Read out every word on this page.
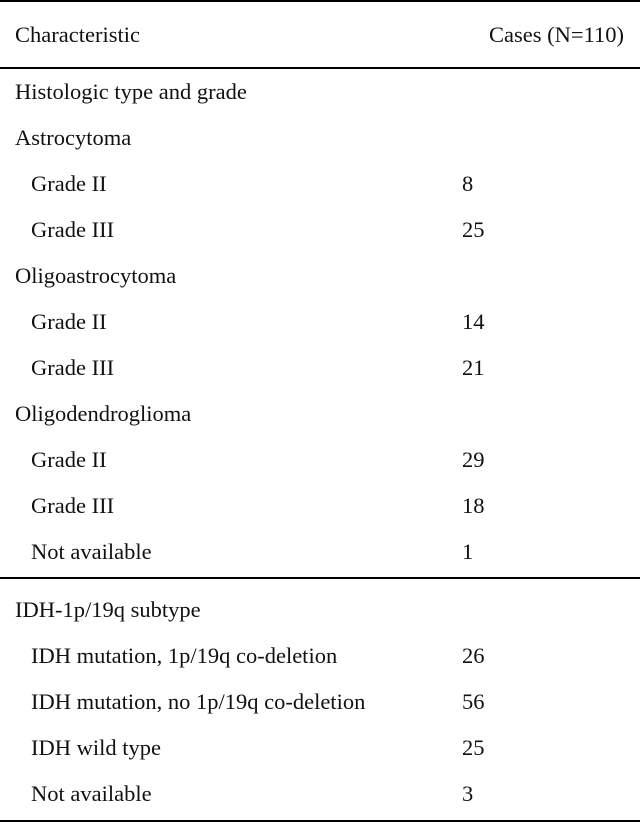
Characteristic	Cases (N=110)
Histologic type and grade
Astrocytoma
Grade II	8
Grade III	25
Oligoastrocytoma
Grade II	14
Grade III	21
Oligodendroglioma
Grade II	29
Grade III	18
Not available	1
IDH-1p/19q subtype
IDH mutation, 1p/19q co-deletion	26
IDH mutation, no 1p/19q co-deletion	56
IDH wild type	25
Not available	3
